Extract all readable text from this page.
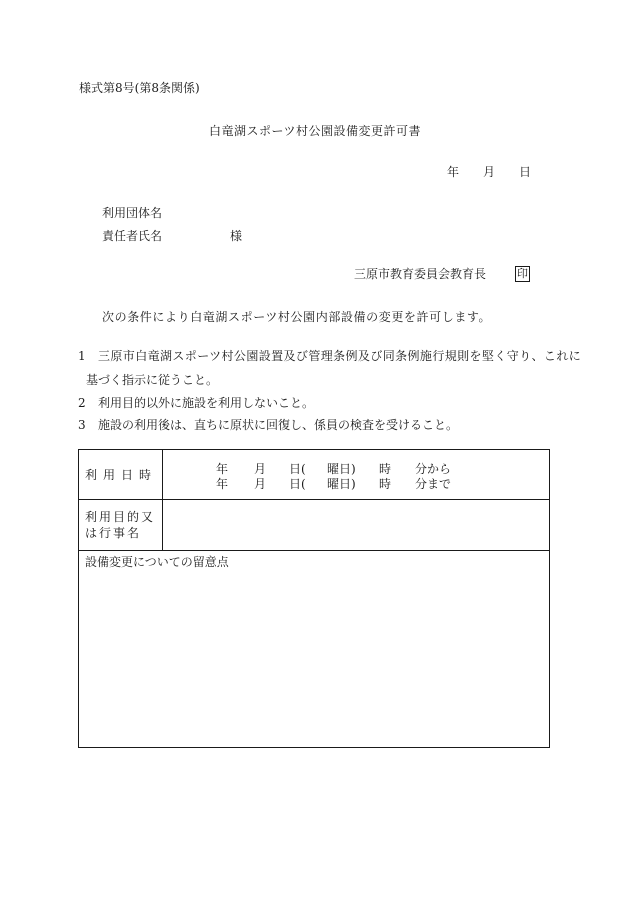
様式第8号(第8条関係)
白竜湖スポーツ村公園設備変更許可書
年 月 日
利用団体名
責任者氏名	様
三原市教育委員会教育長	印
次の条件により白竜湖スポーツ村公園内部設備の変更を許可します。
1 三原市白竜湖スポーツ村公園設置及び管理条例及び同条例施行規則を堅く守り、これに
基づく指示に従うこと。
2 利用目的以外に施設を利用しないこと。
3 施設の利用後は、直ちに原状に回復し、係員の検査を受けること。
利用日時	年 月 日( 曜日) 時 分から
年 月 日( 曜日) 時 分まで
利用目的又
は行事名
設備変更についての留意点
